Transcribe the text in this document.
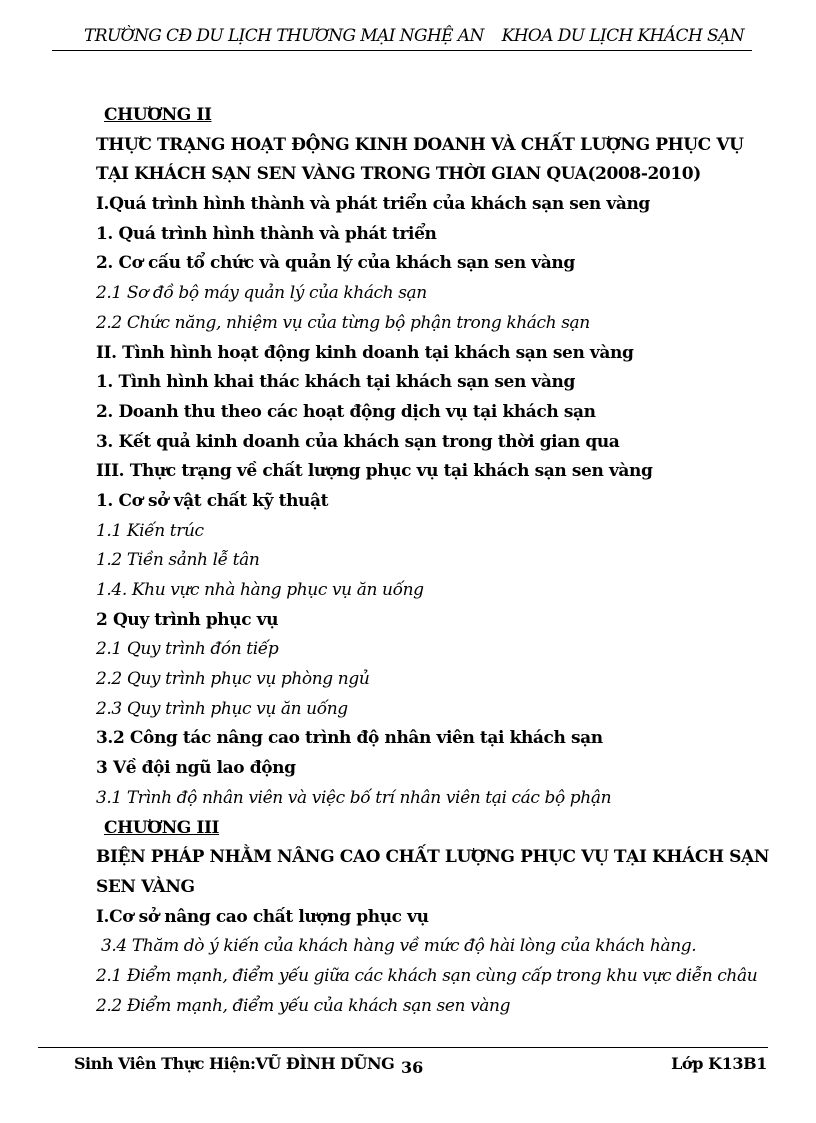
TRƯỜNG CĐ DU LỊCH THƯƠNG MẠI NGHỆ AN KHOA DU LỊCH KHÁCH SẠN
CHƯƠNG II
THỰC TRẠNG HOẠT ĐỘNG KINH DOANH VÀ CHẤT LƯỢNG PHỤC VỤ
TẠI KHÁCH SẠN SEN VÀNG TRONG THỜI GIAN QUA(2008-2010)
I.Quá trình hình thành và phát triển của khách sạn sen vàng
1. Quá trình hình thành và phát triển
2. Cơ cấu tổ chức và quản lý của khách sạn sen vàng
2.1 Sơ đồ bộ máy quản lý của khách sạn
2.2 Chức năng, nhiệm vụ của từng bộ phận trong khách sạn
II. Tình hình hoạt động kinh doanh tại khách sạn sen vàng
1. Tình hình khai thác khách tại khách sạn sen vàng
2. Doanh thu theo các hoạt động dịch vụ tại khách sạn
3. Kết quả kinh doanh của khách sạn trong thời gian qua
III. Thực trạng về chất lượng phục vụ tại khách sạn sen vàng
1. Cơ sở vật chất kỹ thuật
1.1 Kiến trúc
1.2 Tiền sảnh lễ tân
1.4. Khu vực nhà hàng phục vụ ăn uống
2 Quy trình phục vụ
2.1 Quy trình đón tiếp
2.2 Quy trình phục vụ phòng ngủ
2.3 Quy trình phục vụ ăn uống
3.2 Công tác nâng cao trình độ nhân viên tại khách sạn
3 Về đội ngũ lao động
3.1 Trình độ nhân viên và việc bố trí nhân viên tại các bộ phận
CHƯƠNG III
BIỆN PHÁP NHẰM NÂNG CAO CHẤT LƯỢNG PHỤC VỤ TẠI KHÁCH SẠN
SEN VÀNG
I.Cơ sở nâng cao chất lượng phục vụ
3.4 Thăm dò ý kiến của khách hàng về mức độ hài lòng của khách hàng.
2.1 Điểm mạnh, điểm yếu giữa các khách sạn cùng cấp trong khu vực diễn châu
2.2 Điểm mạnh, điểm yếu của khách sạn sen vàng
Sinh Viên Thực Hiện:VŨ ĐÌNH DŨNG 36	Lớp K13B1
